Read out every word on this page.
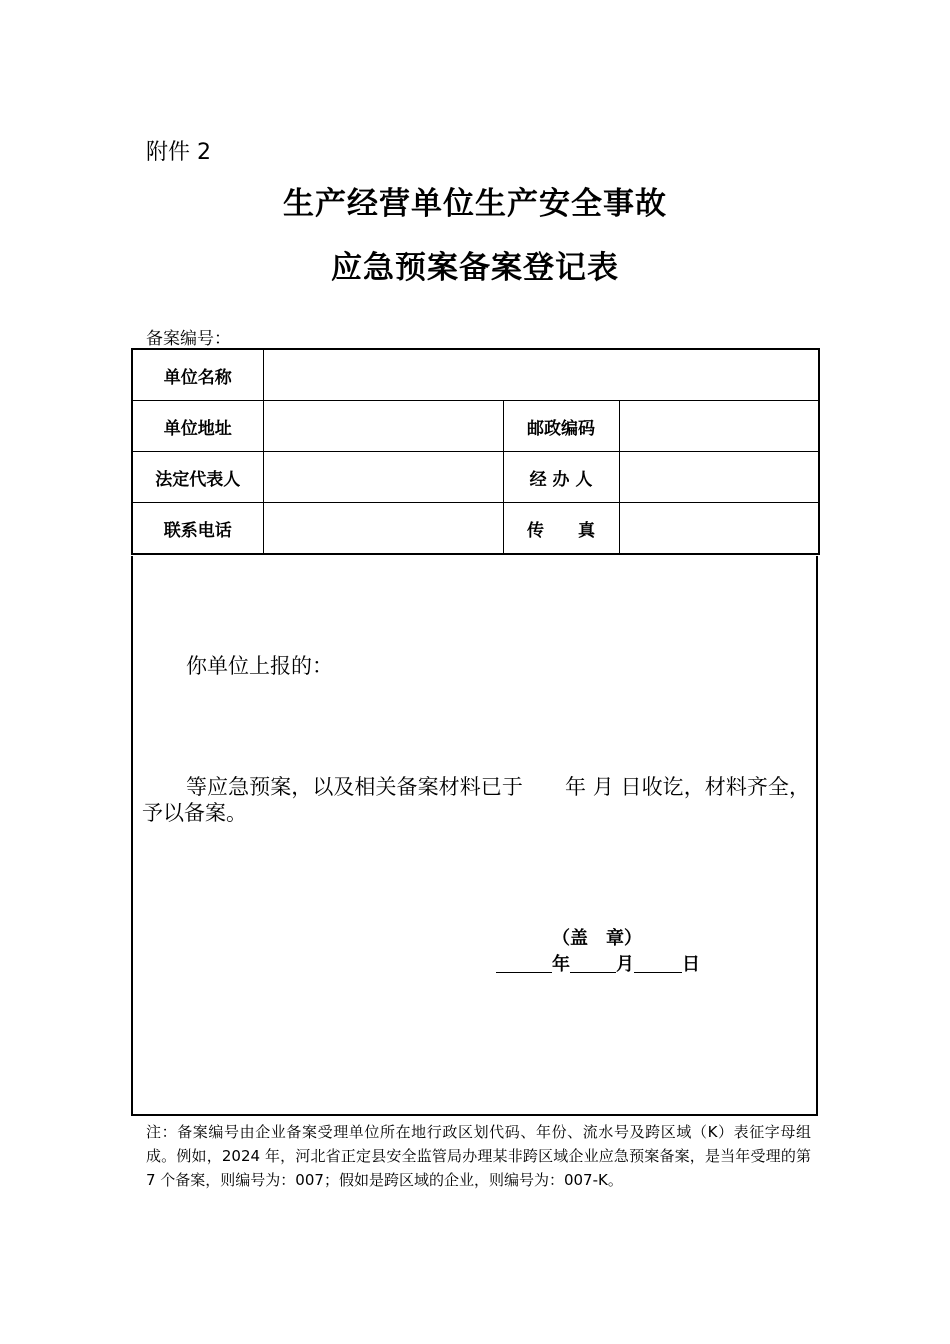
附件 2
生产经营单位生产安全事故
应急预案备案登记表
备案编号：
单位名称			
单位地址		邮政编码	
法定代表人		经 办 人	
联系电话		传　　真	
你单位上报的：
等应急预案，以及相关备案材料已于　　年 月 日收讫，材料齐全，予以备案。
（盖　章）
年	月	日
注：备案编号由企业备案受理单位所在地行政区划代码、年份、流水号及跨区域（K）表征字母组成。例如，2024 年，河北省正定县安全监管局办理某非跨区域企业应急预案备案，是当年受理的第 7 个备案，则编号为：007；假如是跨区域的企业，则编号为：007-K。
